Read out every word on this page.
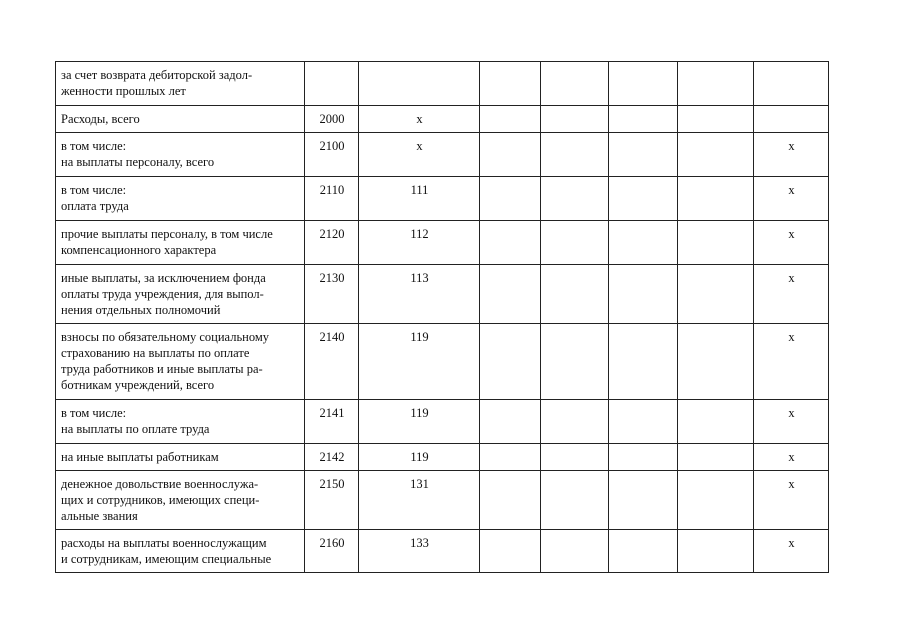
за счет возврата дебиторской задол-
женности прошлых лет							
Расходы, всего	2000	x					
в том числе:
на выплаты персоналу, всего	2100	x					x
в том числе:
оплата труда	2110	111					x
прочие выплаты персоналу, в том числе
компенсационного характера	2120	112					x
иные выплаты, за исключением фонда
оплаты труда учреждения, для выпол-
нения отдельных полномочий	2130	113					x
взносы по обязательному социальному
страхованию на выплаты по оплате
труда работников и иные выплаты ра-
ботникам учреждений, всего	2140	119					x
в том числе:
на выплаты по оплате труда	2141	119					x
на иные выплаты работникам	2142	119					x
денежное довольствие военнослужа-
щих и сотрудников, имеющих специ-
альные звания	2150	131					x
расходы на выплаты военнослужащим
и сотрудникам, имеющим специальные	2160	133					x
